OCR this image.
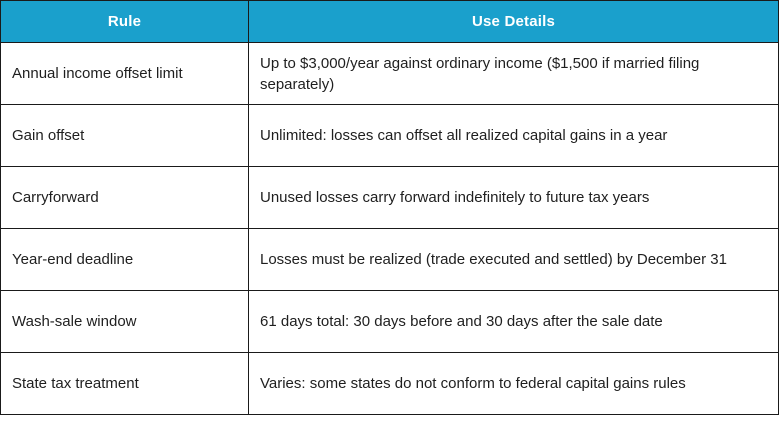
Rule	Use Details
Annual income offset limit	Up to $3,000/year against ordinary income ($1,500 if married filing separately)
Gain offset	Unlimited: losses can offset all realized capital gains in a year
Carryforward	Unused losses carry forward indefinitely to future tax years
Year-end deadline	Losses must be realized (trade executed and settled) by December 31
Wash-sale window	61 days total: 30 days before and 30 days after the sale date
State tax treatment	Varies: some states do not conform to federal capital gains rules
